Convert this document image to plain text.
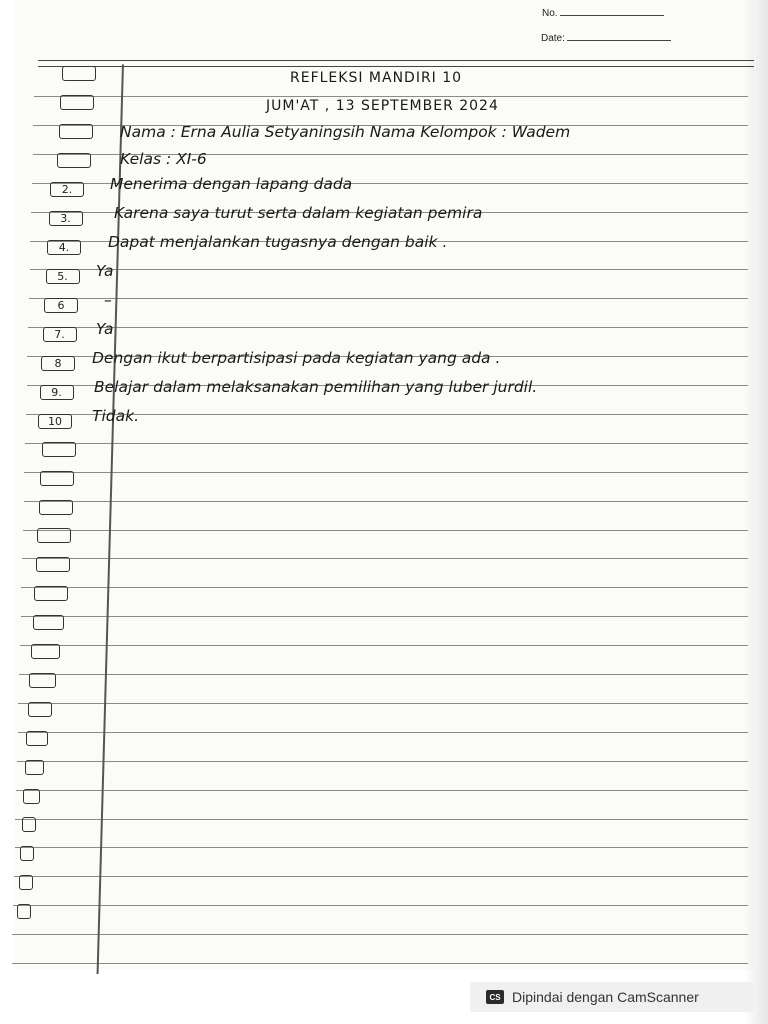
No.
Date:
REFLEKSI MANDIRI 10
JUM'AT , 13 SEPTEMBER 2024
Nama : Erna Aulia Setyaningsih Nama Kelompok : Wadem
Kelas : XI-6
2.	Menerima dengan lapang dada
3.	Karena saya turut serta dalam kegiatan pemira
4.	Dapat menjalankan tugasnya dengan baik .
5.	Ya
6	–
7.	Ya
8	Dengan ikut berpartisipasi pada kegiatan yang ada .
9.	Belajar dalam melaksanakan pemilihan yang luber jurdil.
10	Tidak.
CS Dipindai dengan CamScanner
